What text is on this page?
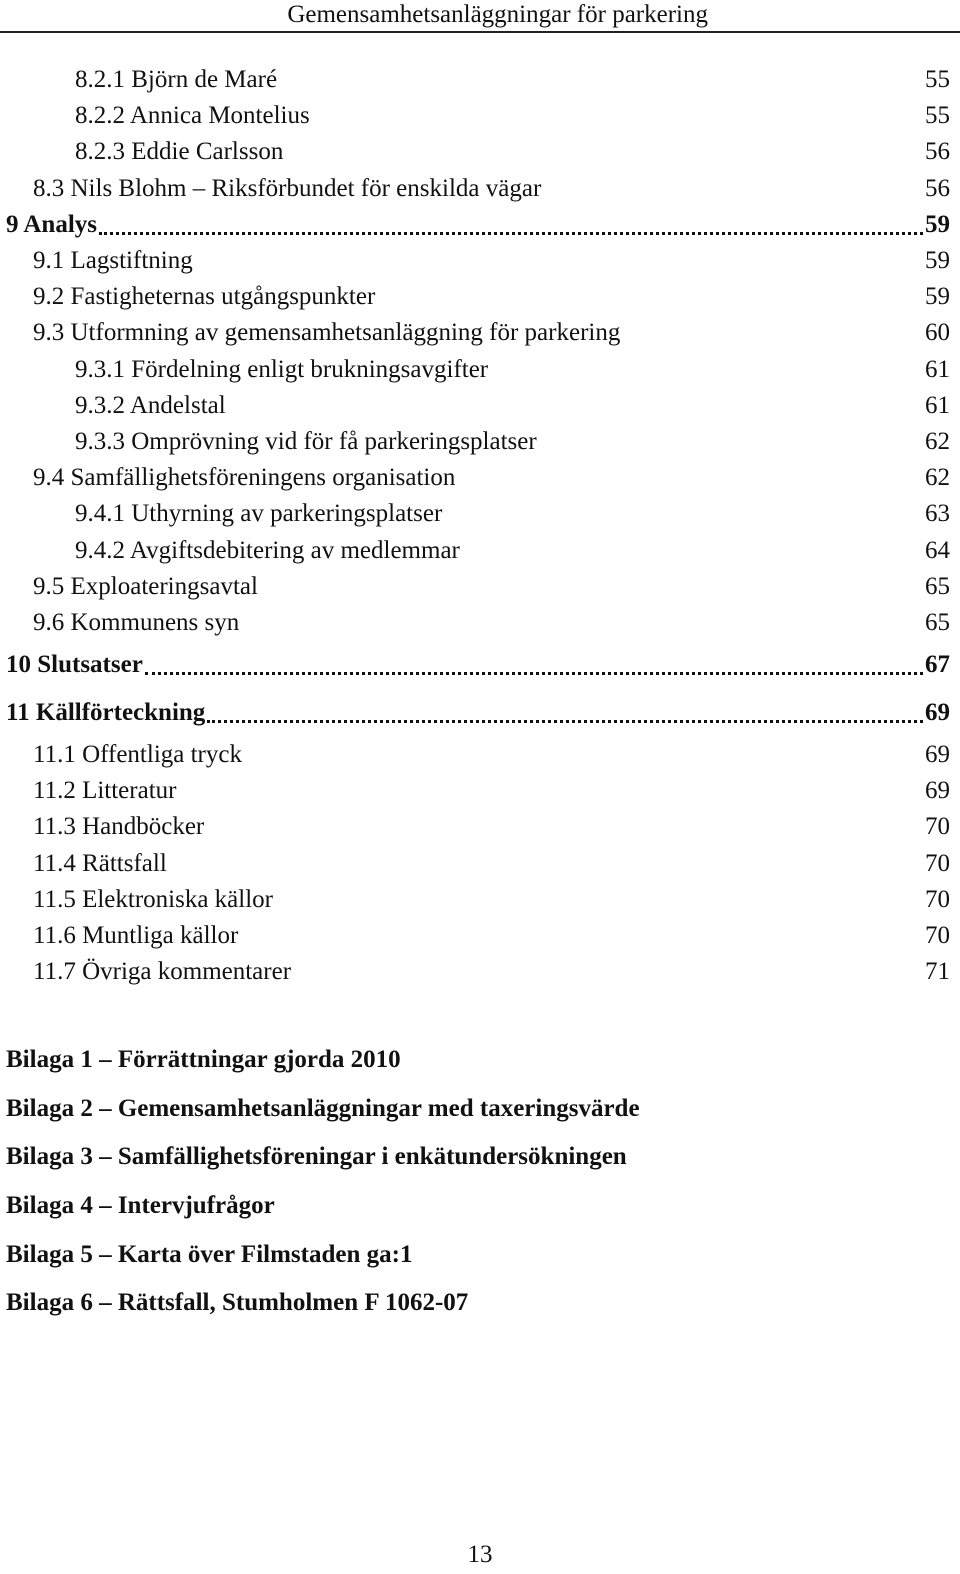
Gemensamhetsanläggningar för parkering
8.2.1 Björn de Maré	55
8.2.2 Annica Montelius	55
8.2.3 Eddie Carlsson	56
8.3 Nils Blohm – Riksförbundet för enskilda vägar	56
9 Analys	59
9.1 Lagstiftning	59
9.2 Fastigheternas utgångspunkter	59
9.3 Utformning av gemensamhetsanläggning för parkering	60
9.3.1 Fördelning enligt brukningsavgifter	61
9.3.2 Andelstal	61
9.3.3 Omprövning vid för få parkeringsplatser	62
9.4 Samfällighetsföreningens organisation	62
9.4.1 Uthyrning av parkeringsplatser	63
9.4.2 Avgiftsdebitering av medlemmar	64
9.5 Exploateringsavtal	65
9.6 Kommunens syn	65
10 Slutsatser	67
11 Källförteckning	69
11.1 Offentliga tryck	69
11.2 Litteratur	69
11.3 Handböcker	70
11.4 Rättsfall	70
11.5 Elektroniska källor	70
11.6 Muntliga källor	70
11.7 Övriga kommentarer	71
Bilaga 1 – Förrättningar gjorda 2010
Bilaga 2 – Gemensamhetsanläggningar med taxeringsvärde
Bilaga 3 – Samfällighetsföreningar i enkätundersökningen
Bilaga 4 – Intervjufrågor
Bilaga 5 – Karta över Filmstaden ga:1
Bilaga 6 – Rättsfall, Stumholmen F 1062-07
13
